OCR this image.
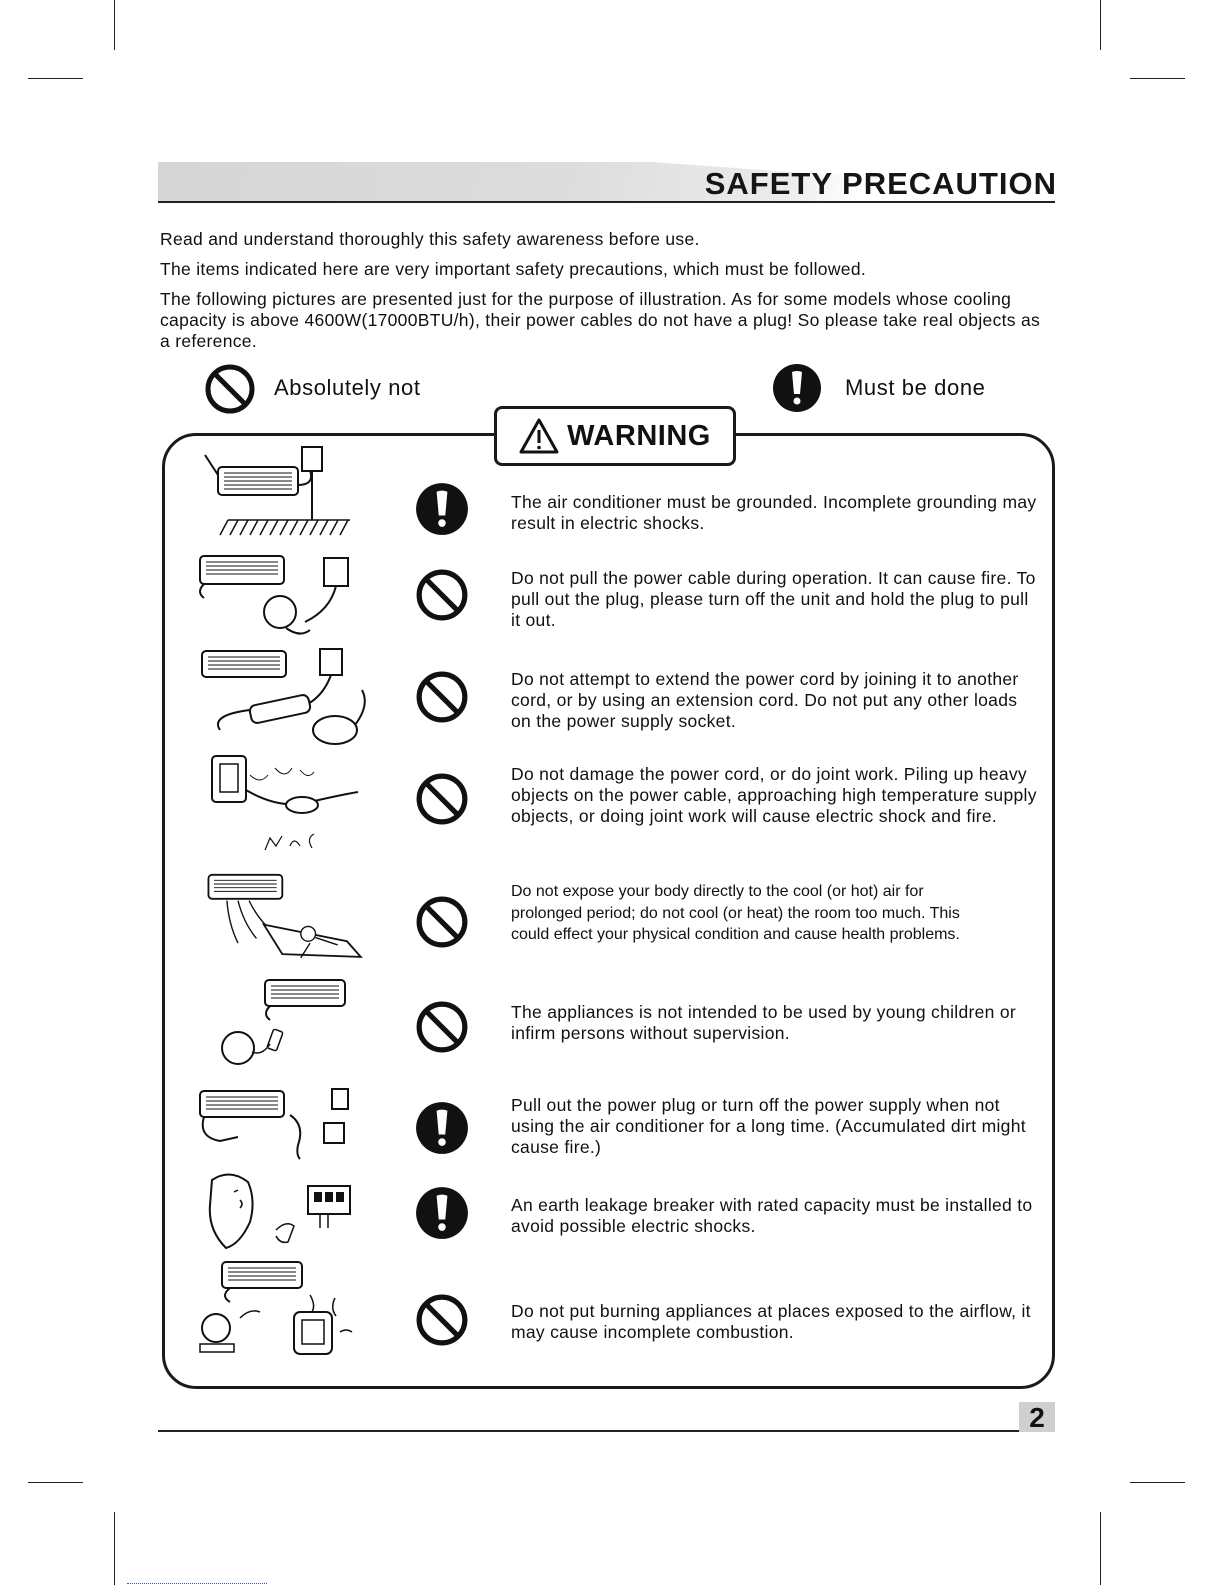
SAFETY PRECAUTION
Read and understand thoroughly this safety awareness before use.
The items indicated here are very important safety precautions, which must be followed.
The following pictures are presented just for the purpose of illustration. As for some models whose cooling capacity is above 4600W(17000BTU/h), their power cables do not have a plug! So please take real objects as a reference.
Absolutely not	Must be done
WARNING
The air conditioner must be grounded. Incomplete grounding may result in electric shocks.
Do not pull the power cable during operation. It can cause fire. To pull out the plug, please turn off the unit and hold the plug to pull it out.
Do not attempt to extend the power cord by joining it to another cord, or by using an extension cord. Do not put any other loads on the power supply socket.
Do not damage the power cord, or do joint work. Piling up heavy objects on the power cable, approaching high temperature supply objects, or doing joint work will cause electric shock and fire.
Do not expose your body directly to the cool (or hot) air for prolonged period; do not cool (or heat) the room too much. This could effect your physical condition and cause health problems.
The appliances is not intended to be used by young children or infirm persons without supervision.
Pull out the power plug or turn off the power supply when not using the air conditioner for a long time. (Accumulated dirt might cause fire.)
An earth leakage breaker with rated capacity must be installed to avoid possible electric shocks.
Do not put burning appliances at places exposed to the airflow, it may cause incomplete combustion.
2
